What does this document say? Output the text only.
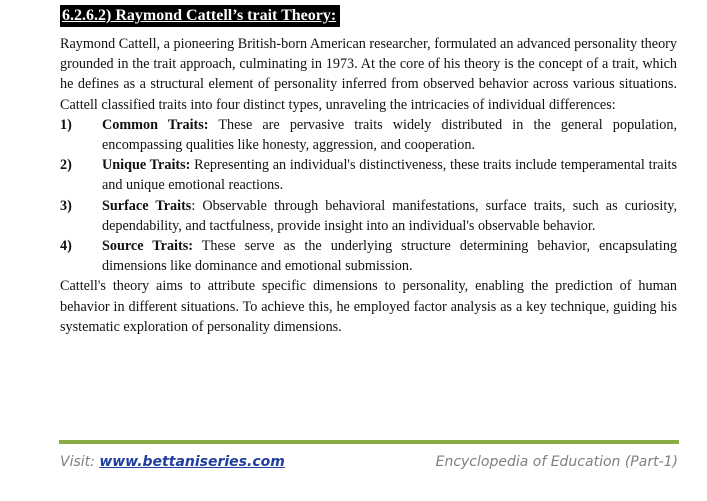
6.2.6.2) Raymond Cattell’s trait Theory:

Raymond Cattell, a pioneering British-born American researcher, formulated an advanced personality theory grounded in the trait approach, culminating in 1973. At the core of his theory is the concept of a trait, which he defines as a structural element of personality inferred from observed behavior across various situations. Cattell classified traits into four distinct types, unraveling the intricacies of individual differences:

1)	Common Traits: These are pervasive traits widely distributed in the general population, encompassing qualities like honesty, aggression, and cooperation.
2)	Unique Traits: Representing an individual's distinctiveness, these traits include temperamental traits and unique emotional reactions.
3)	Surface Traits: Observable through behavioral manifestations, surface traits, such as curiosity, dependability, and tactfulness, provide insight into an individual's observable behavior.
4)	Source Traits: These serve as the underlying structure determining behavior, encapsulating dimensions like dominance and emotional submission.

Cattell's theory aims to attribute specific dimensions to personality, enabling the prediction of human behavior in different situations. To achieve this, he employed factor analysis as a key technique, guiding his systematic exploration of personality dimensions.

Visit: www.bettaniseries.com	Encyclopedia of Education (Part-1)
